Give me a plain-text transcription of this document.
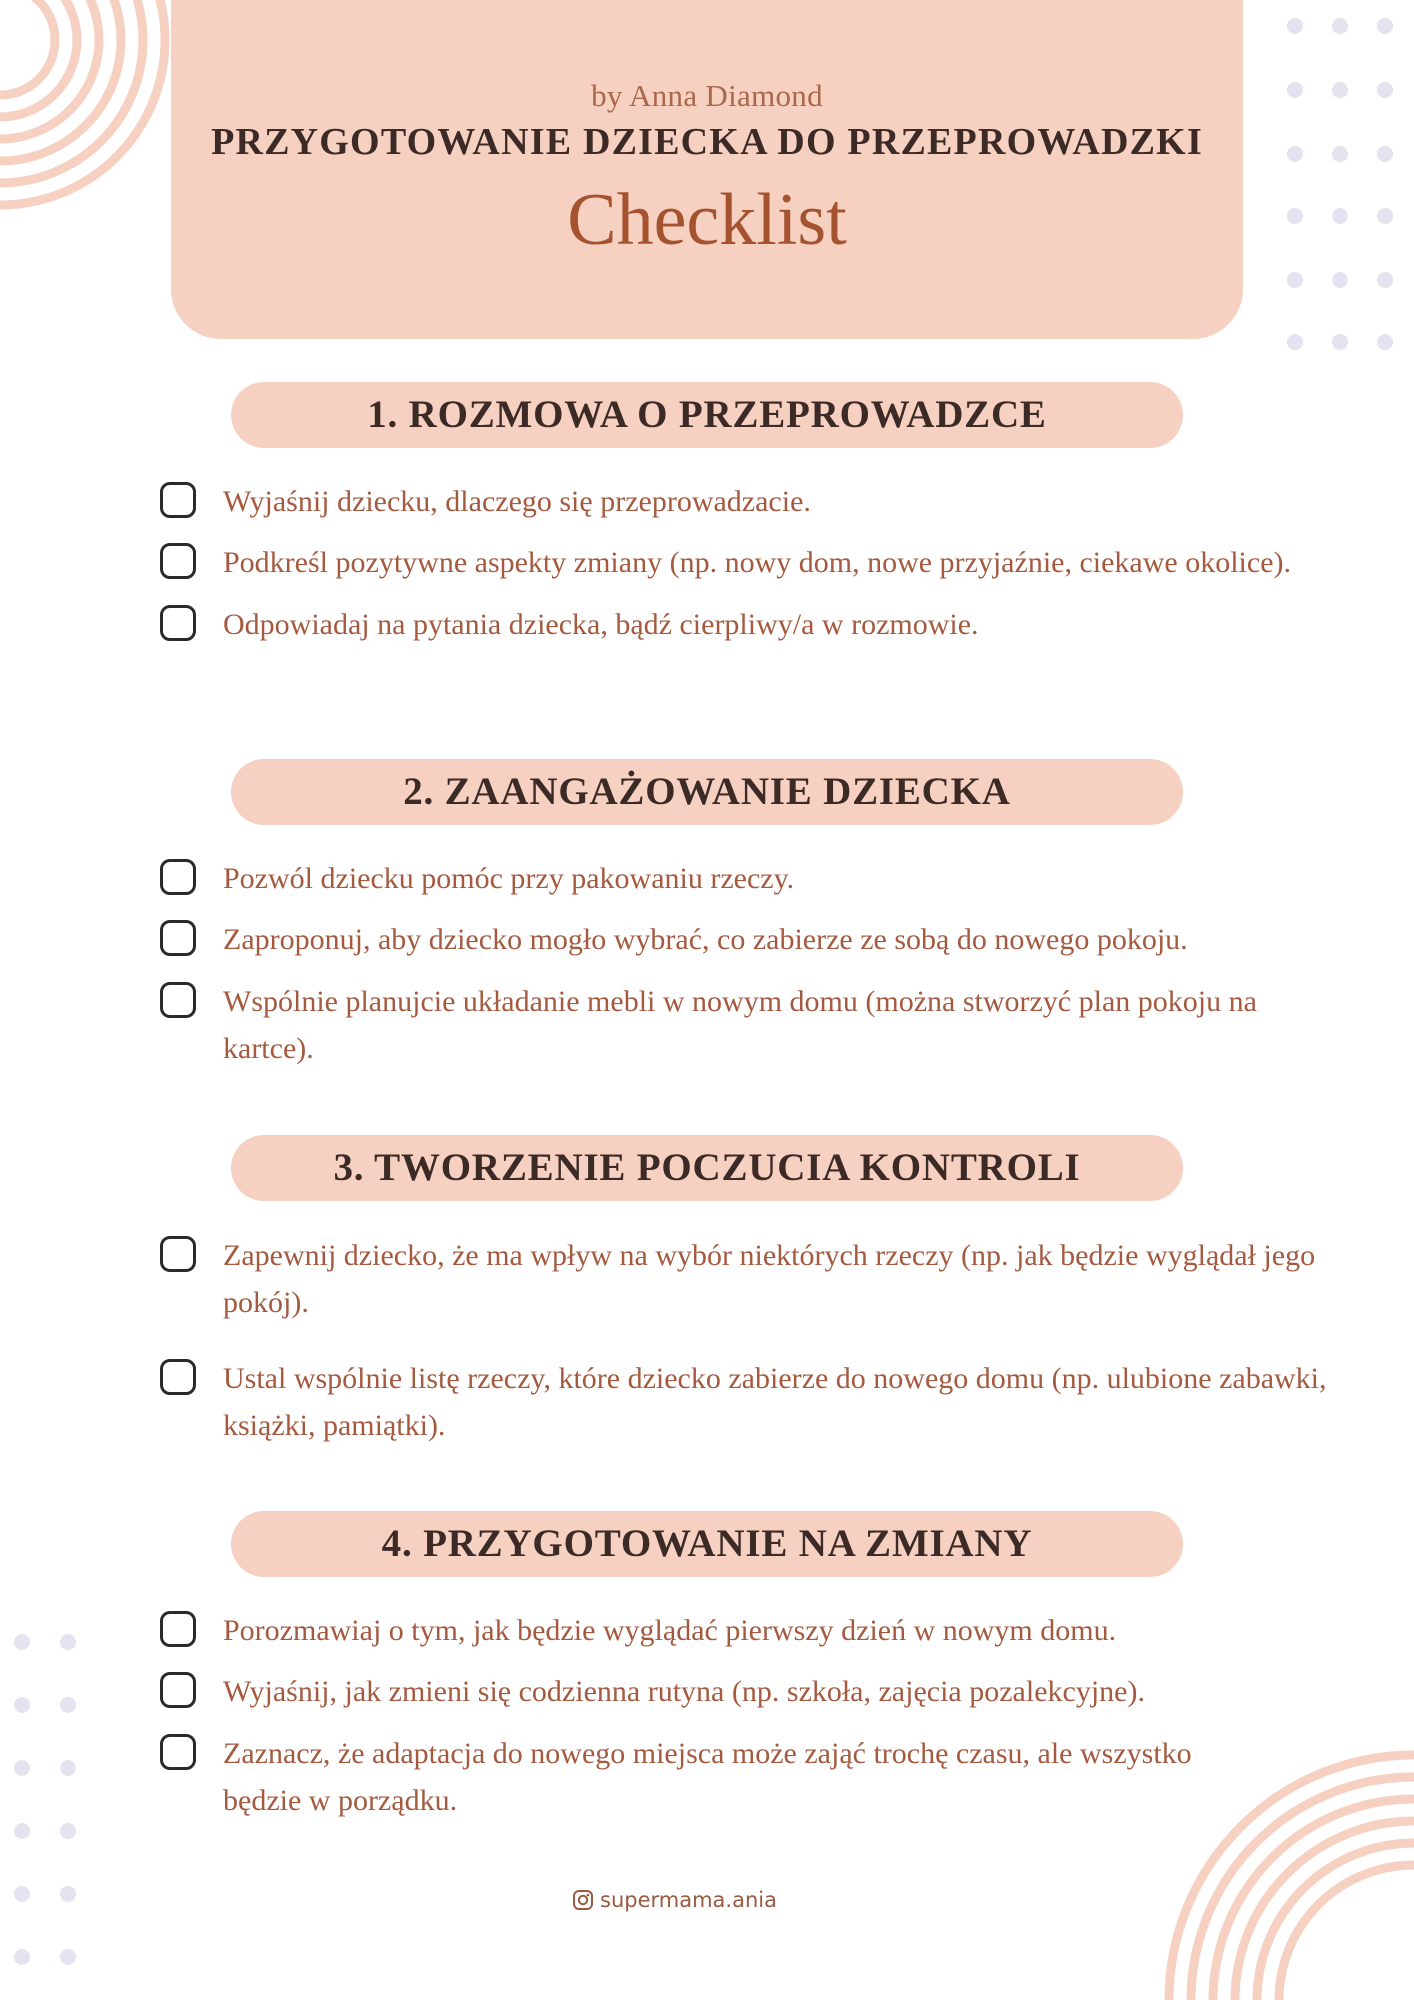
by Anna Diamond
PRZYGOTOWANIE DZIECKA DO PRZEPROWADZKI
Checklist
1. ROZMOWA O PRZEPROWADZCE
Wyjaśnij dziecku, dlaczego się przeprowadzacie.
Podkreśl pozytywne aspekty zmiany (np. nowy dom, nowe przyjaźnie, ciekawe okolice).
Odpowiadaj na pytania dziecka, bądź cierpliwy/a w rozmowie.
2. ZAANGAŻOWANIE DZIECKA
Pozwól dziecku pomóc przy pakowaniu rzeczy.
Zaproponuj, aby dziecko mogło wybrać, co zabierze ze sobą do nowego pokoju.
Wspólnie planujcie układanie mebli w nowym domu (można stworzyć plan pokoju na kartce).
3. TWORZENIE POCZUCIA KONTROLI
Zapewnij dziecko, że ma wpływ na wybór niektórych rzeczy (np. jak będzie wyglądał jego pokój).
Ustal wspólnie listę rzeczy, które dziecko zabierze do nowego domu (np. ulubione zabawki, książki, pamiątki).
4. PRZYGOTOWANIE NA ZMIANY
Porozmawiaj o tym, jak będzie wyglądać pierwszy dzień w nowym domu.
Wyjaśnij, jak zmieni się codzienna rutyna (np. szkoła, zajęcia pozalekcyjne).
Zaznacz, że adaptacja do nowego miejsca może zająć trochę czasu, ale wszystko będzie w porządku.
supermama.ania
